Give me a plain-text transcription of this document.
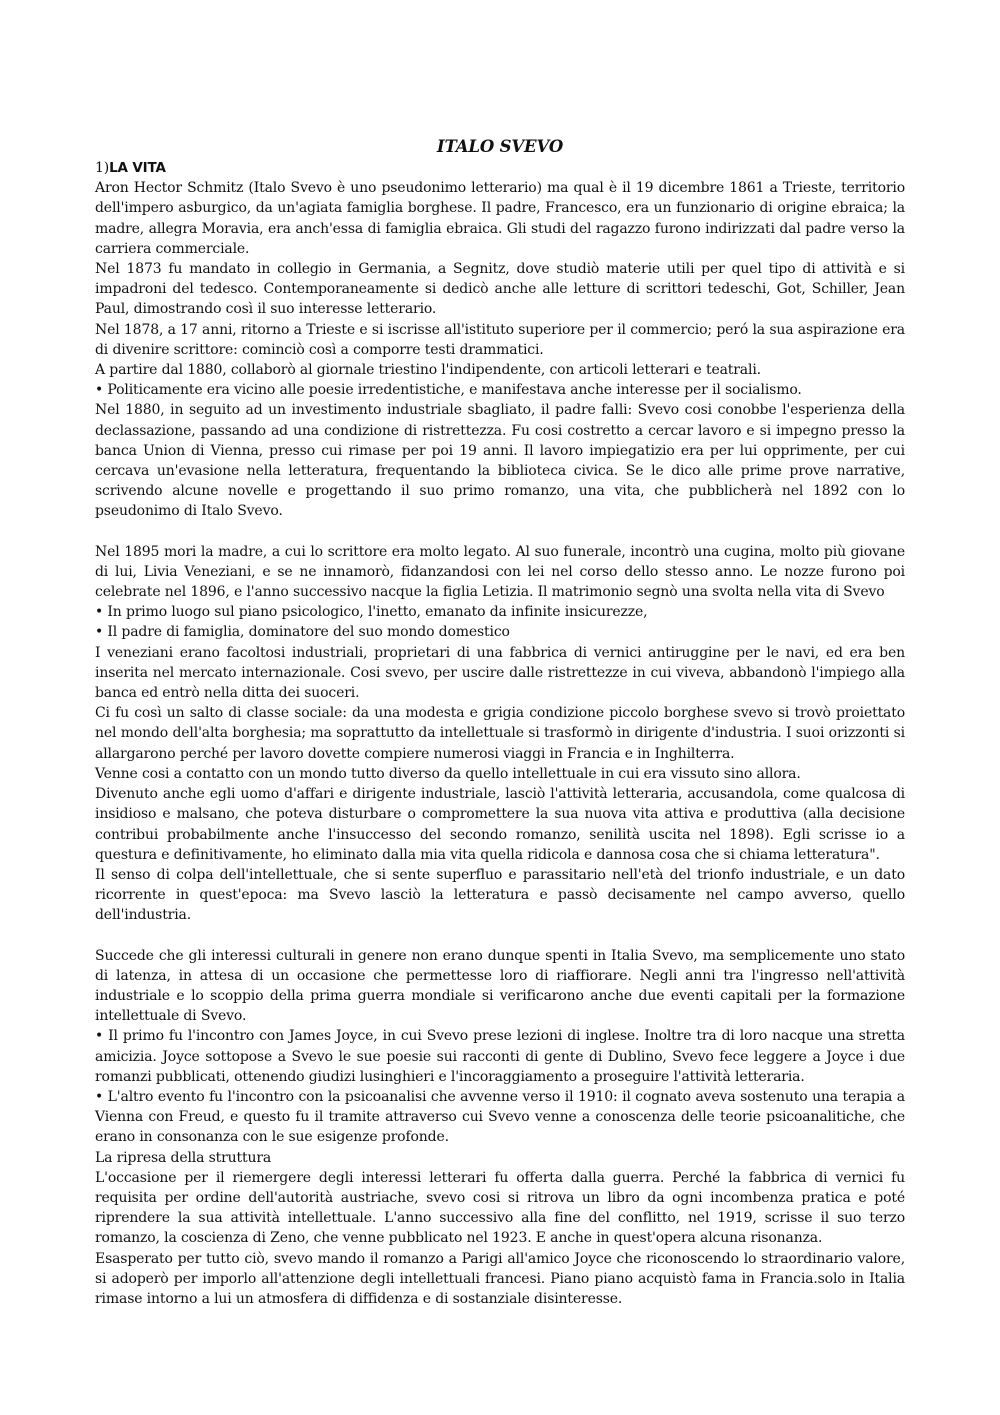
ITALO SVEVO
1)LA VITA

Aron Hector Schmitz (Italo Svevo è uno pseudonimo letterario) ma qual è il 19 dicembre 1861 a Trieste, territorio dell'impero asburgico, da un'agiata famiglia borghese. Il padre, Francesco, era un funzionario di origine ebraica; la madre, allegra Moravia, era anch'essa di famiglia ebraica. Gli studi del ragazzo furono indirizzati dal padre verso la carriera commerciale.

Nel 1873 fu mandato in collegio in Germania, a Segnitz, dove studiò materie utili per quel tipo di attività e si impadroni del tedesco. Contemporaneamente si dedicò anche alle letture di scrittori tedeschi, Got, Schiller, Jean Paul, dimostrando così il suo interesse letterario.

Nel 1878, a 17 anni, ritorno a Trieste e si iscrisse all'istituto superiore per il commercio; peró la sua aspirazione era di divenire scrittore: cominciò così a comporre testi drammatici.

A partire dal 1880, collaborò al giornale triestino l'indipendente, con articoli letterari e teatrali.

• Politicamente era vicino alle poesie irredentistiche, e manifestava anche interesse per il socialismo.

Nel 1880, in seguito ad un investimento industriale sbagliato, il padre falli: Svevo cosi conobbe l'esperienza della declassazione, passando ad una condizione di ristrettezza. Fu cosi costretto a cercar lavoro e si impegno presso la banca Union di Vienna, presso cui rimase per poi 19 anni. Il lavoro impiegatizio era per lui opprimente, per cui cercava un'evasione nella letteratura, frequentando la biblioteca civica. Se le dico alle prime prove narrative, scrivendo alcune novelle e progettando il suo primo romanzo, una vita, che pubblicherà nel 1892 con lo pseudonimo di Italo Svevo.

Nel 1895 mori la madre, a cui lo scrittore era molto legato. Al suo funerale, incontrò una cugina, molto più giovane di lui, Livia Veneziani, e se ne innamorò, fidanzandosi con lei nel corso dello stesso anno. Le nozze furono poi celebrate nel 1896, e l'anno successivo nacque la figlia Letizia. Il matrimonio segnò una svolta nella vita di Svevo

• In primo luogo sul piano psicologico, l'inetto, emanato da infinite insicurezze,

• Il padre di famiglia, dominatore del suo mondo domestico

I veneziani erano facoltosi industriali, proprietari di una fabbrica di vernici antiruggine per le navi, ed era ben inserita nel mercato internazionale. Cosi svevo, per uscire dalle ristrettezze in cui viveva, abbandonò l'impiego alla banca ed entrò nella ditta dei suoceri.

Ci fu così un salto di classe sociale: da una modesta e grigia condizione piccolo borghese svevo si trovò proiettato nel mondo dell'alta borghesia; ma soprattutto da intellettuale si trasformò in dirigente d'industria. I suoi orizzonti si allargarono perché per lavoro dovette compiere numerosi viaggi in Francia e in Inghilterra.

Venne cosi a contatto con un mondo tutto diverso da quello intellettuale in cui era vissuto sino allora.

Divenuto anche egli uomo d'affari e dirigente industriale, lasciò l'attività letteraria, accusandola, come qualcosa di insidioso e malsano, che poteva disturbare o compromettere la sua nuova vita attiva e produttiva (alla decisione contribui probabilmente anche l'insuccesso del secondo romanzo, senilità uscita nel 1898). Egli scrisse io a questura e definitivamente, ho eliminato dalla mia vita quella ridicola e dannosa cosa che si chiama letteratura".

Il senso di colpa dell'intellettuale, che si sente superfluo e parassitario nell'età del trionfo industriale, e un dato ricorrente in quest'epoca: ma Svevo lasciò la letteratura e passò decisamente nel campo avverso, quello dell'industria.

Succede che gli interessi culturali in genere non erano dunque spenti in Italia Svevo, ma semplicemente uno stato di latenza, in attesa di un occasione che permettesse loro di riaffiorare. Negli anni tra l'ingresso nell'attività industriale e lo scoppio della prima guerra mondiale si verificarono anche due eventi capitali per la formazione intellettuale di Svevo.

• Il primo fu l'incontro con James Joyce, in cui Svevo prese lezioni di inglese. Inoltre tra di loro nacque una stretta amicizia. Joyce sottopose a Svevo le sue poesie sui racconti di gente di Dublino, Svevo fece leggere a Joyce i due romanzi pubblicati, ottenendo giudizi lusinghieri e l'incoraggiamento a proseguire l'attività letteraria.

• L'altro evento fu l'incontro con la psicoanalisi che avvenne verso il 1910: il cognato aveva sostenuto una terapia a Vienna con Freud, e questo fu il tramite attraverso cui Svevo venne a conoscenza delle teorie psicoanalitiche, che erano in consonanza con le sue esigenze profonde.

La ripresa della struttura

L'occasione per il riemergere degli interessi letterari fu offerta dalla guerra. Perché la fabbrica di vernici fu requisita per ordine dell'autorità austriache, svevo cosi si ritrova un libro da ogni incombenza pratica e poté riprendere la sua attività intellettuale. L'anno successivo alla fine del conflitto, nel 1919, scrisse il suo terzo romanzo, la coscienza di Zeno, che venne pubblicato nel 1923. E anche in quest'opera alcuna risonanza.

Esasperato per tutto ciò, svevo mando il romanzo a Parigi all'amico Joyce che riconoscendo lo straordinario valore, si adoperò per imporlo all'attenzione degli intellettuali francesi. Piano piano acquistò fama in Francia.solo in Italia rimase intorno a lui un atmosfera di diffidenza e di sostanziale disinteresse.
